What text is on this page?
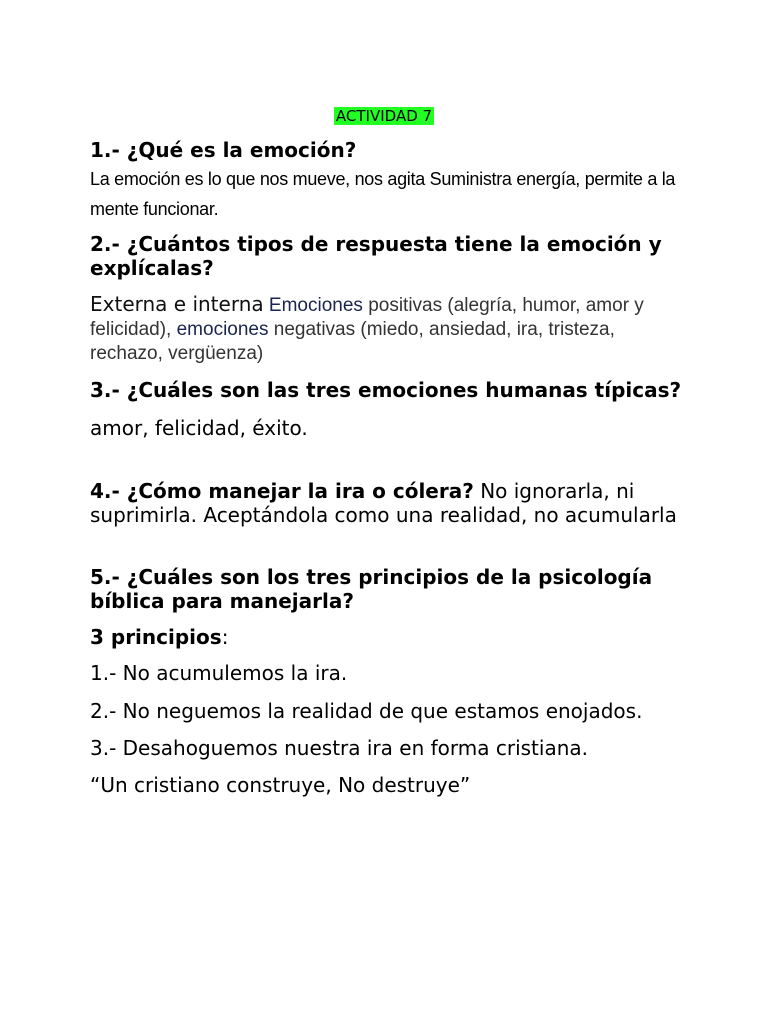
ACTIVIDAD 7
1.- ¿Qué es la emoción?
La emoción es lo que nos mueve, nos agita Suministra energía, permite a la mente funcionar.
2.- ¿Cuántos tipos de respuesta tiene la emoción y explícalas?
Externa e interna Emociones positivas (alegría, humor, amor y felicidad), emociones negativas (miedo, ansiedad, ira, tristeza, rechazo, vergüenza)
3.- ¿Cuáles son las tres emociones humanas típicas?
amor, felicidad, éxito.
4.- ¿Cómo manejar la ira o cólera? No ignorarla, ni suprimirla. Aceptándola como una realidad, no acumularla
5.- ¿Cuáles son los tres principios de la psicología bíblica para manejarla?
3 principios:
1.- No acumulemos la ira.
2.- No neguemos la realidad de que estamos enojados.
3.- Desahoguemos nuestra ira en forma cristiana.
“Un cristiano construye, No destruye”
